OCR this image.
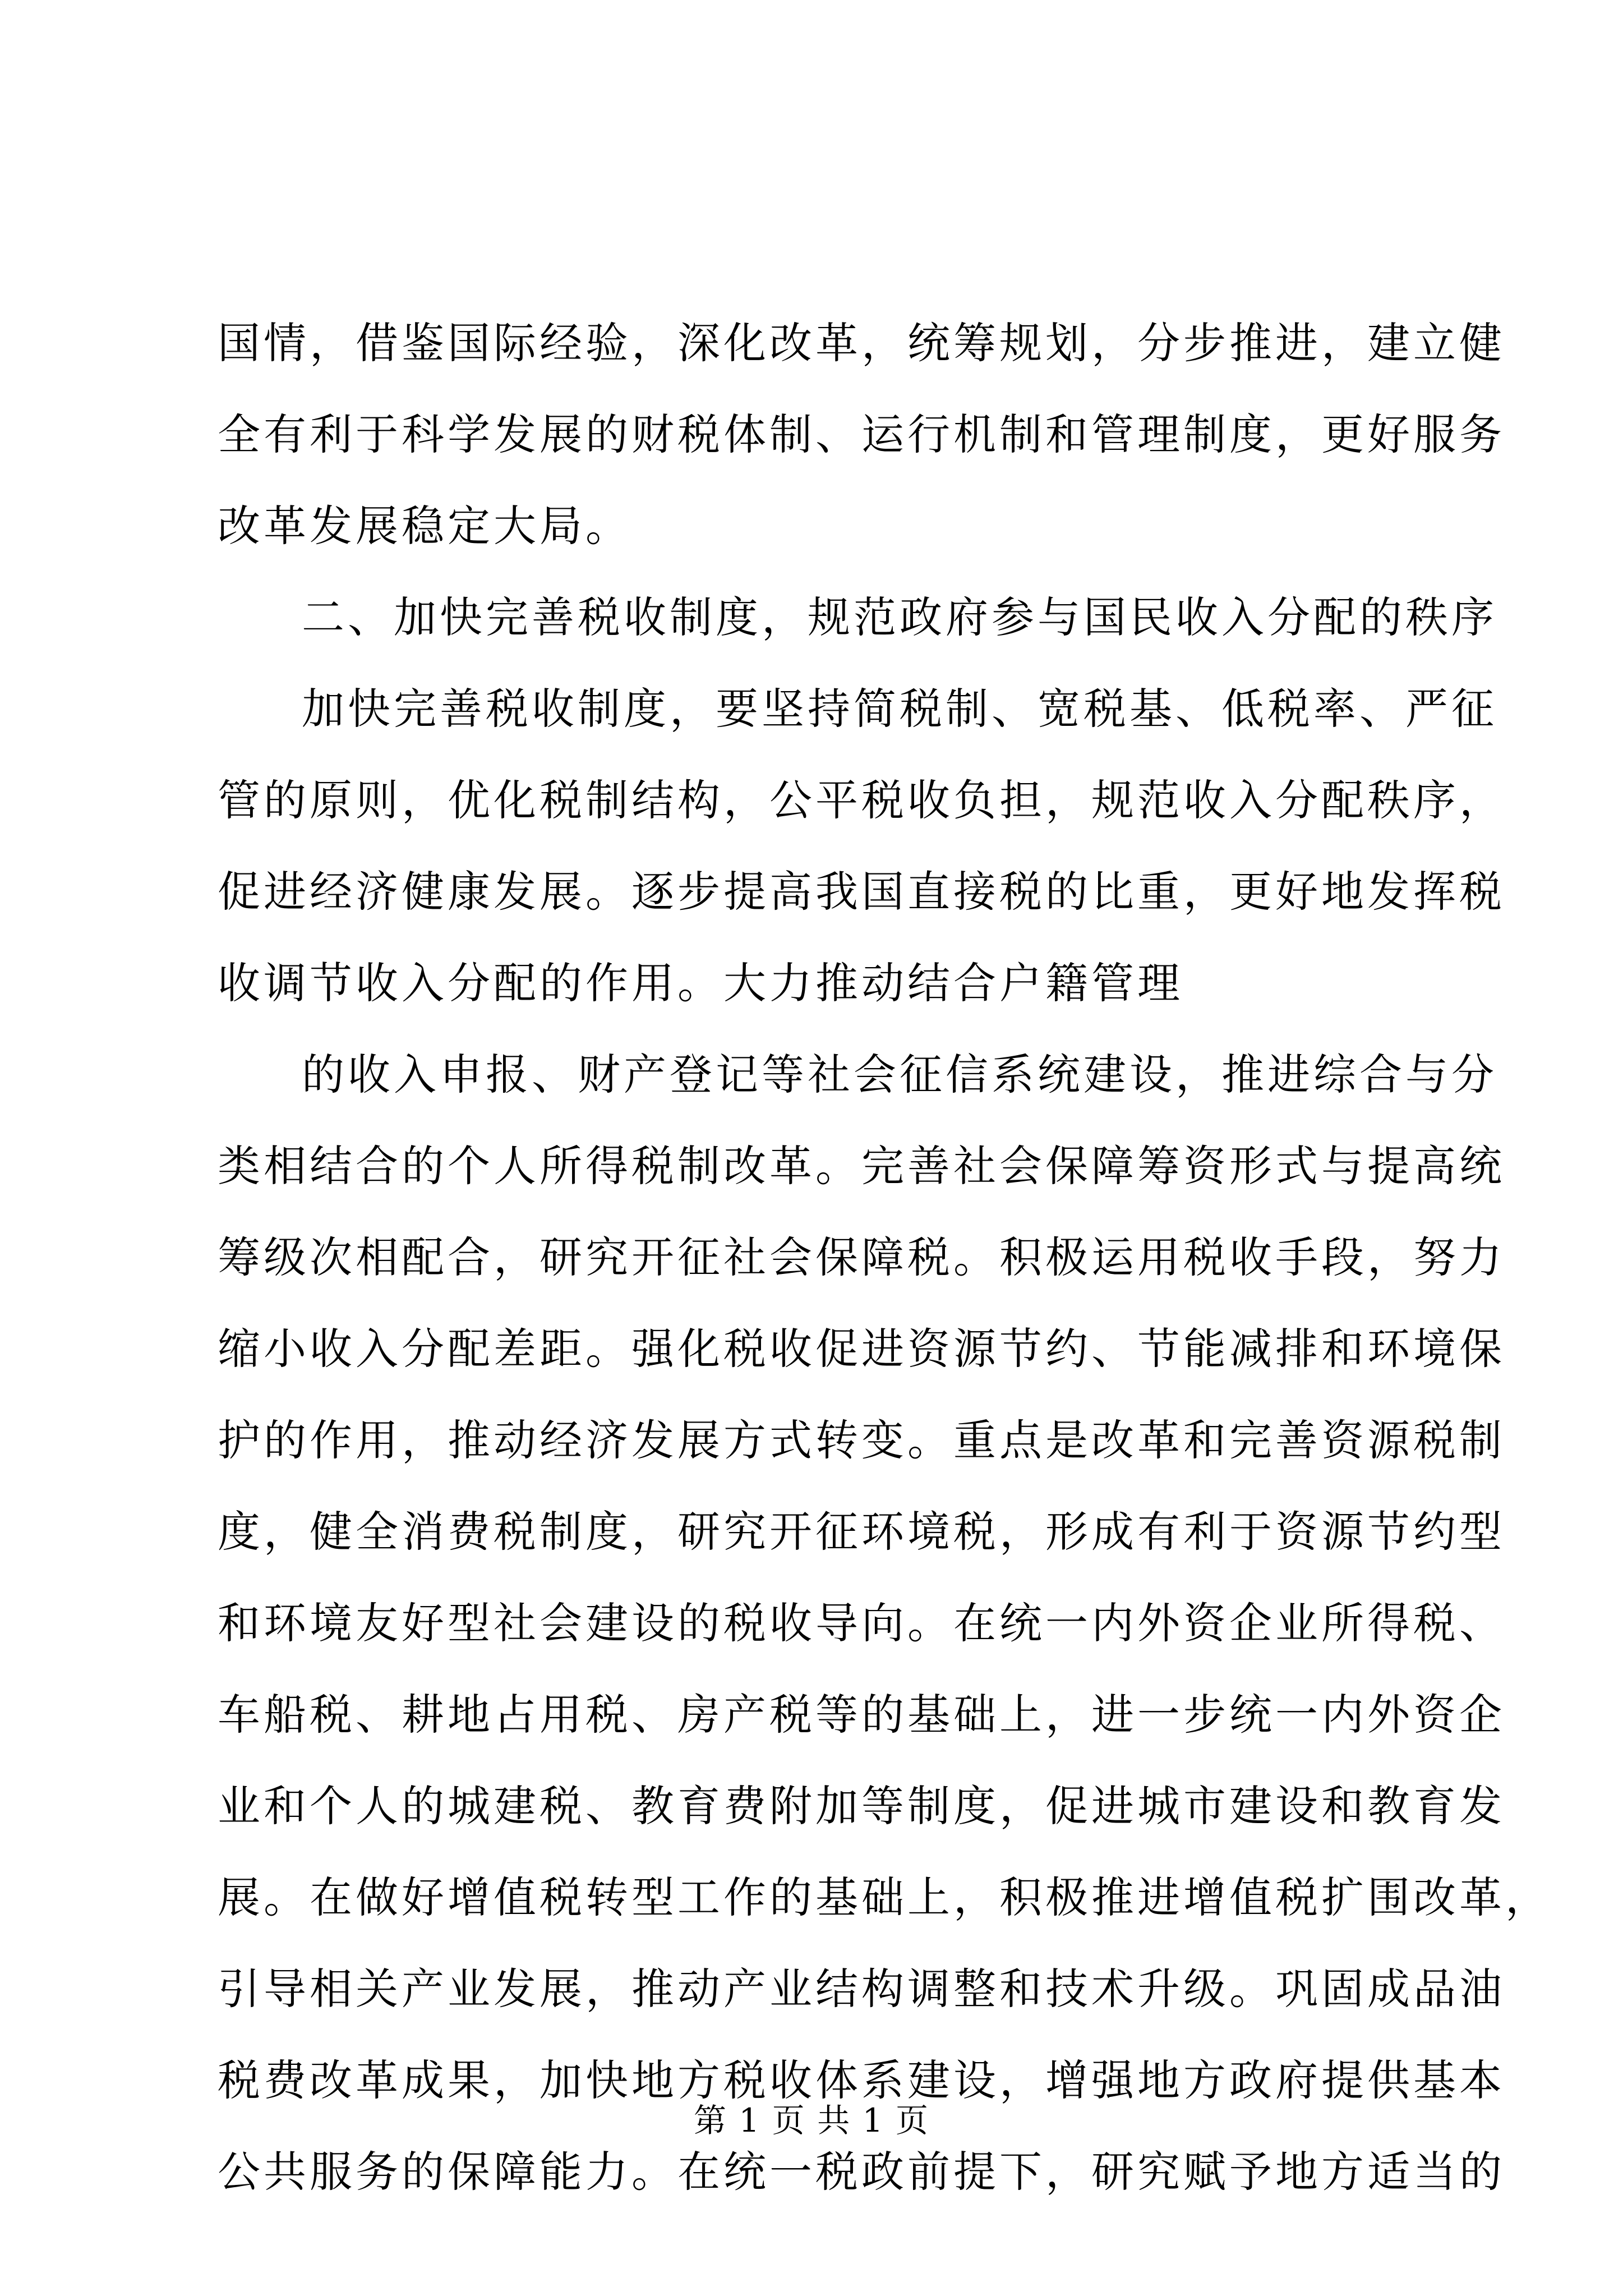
国情，借鉴国际经验，深化改革，统筹规划，分步推进，建立健
全有利于科学发展的财税体制、运行机制和管理制度，更好服务
改革发展稳定大局。
二、加快完善税收制度，规范政府参与国民收入分配的秩序
加快完善税收制度，要坚持简税制、宽税基、低税率、严征
管的原则，优化税制结构，公平税收负担，规范收入分配秩序，
促进经济健康发展。逐步提高我国直接税的比重，更好地发挥税
收调节收入分配的作用。大力推动结合户籍管理
的收入申报、财产登记等社会征信系统建设，推进综合与分
类相结合的个人所得税制改革。完善社会保障筹资形式与提高统
筹级次相配合，研究开征社会保障税。积极运用税收手段，努力
缩小收入分配差距。强化税收促进资源节约、节能减排和环境保
护的作用，推动经济发展方式转变。重点是改革和完善资源税制
度，健全消费税制度，研究开征环境税，形成有利于资源节约型
和环境友好型社会建设的税收导向。在统一内外资企业所得税、
车船税、耕地占用税、房产税等的基础上，进一步统一内外资企
业和个人的城建税、教育费附加等制度，促进城市建设和教育发
展。在做好增值税转型工作的基础上，积极推进增值税扩围改革，
引导相关产业发展，推动产业结构调整和技术升级。巩固成品油
税费改革成果，加快地方税收体系建设，增强地方政府提供基本
公共服务的保障能力。在统一税政前提下，研究赋予地方适当的
第 1 页 共 1 页
